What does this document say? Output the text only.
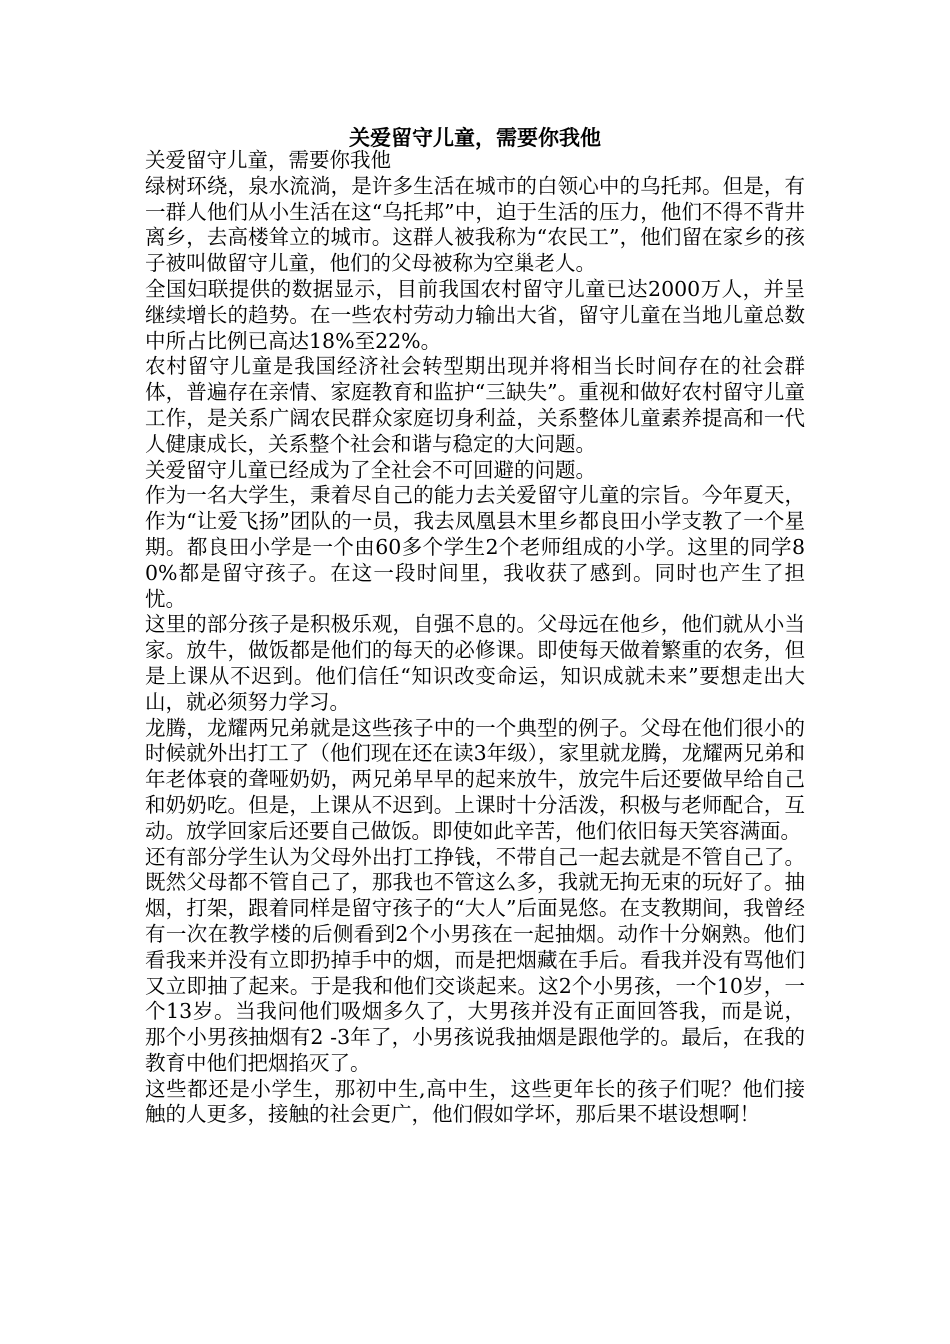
关爱留守儿童，需要你我他

关爱留守儿童，需要你我他

绿树环绕，泉水流淌，是许多生活在城市的白领心中的乌托邦。但是，有一群人他们从小生活在这“乌托邦”中，迫于生活的压力，他们不得不背井离乡，去高楼耸立的城市。这群人被我称为“农民工”，他们留在家乡的孩子被叫做留守儿童，他们的父母被称为空巢老人。

全国妇联提供的数据显示，目前我国农村留守儿童已达2000万人，并呈继续增长的趋势。在一些农村劳动力输出大省，留守儿童在当地儿童总数中所占比例已高达18%至22%。

农村留守儿童是我国经济社会转型期出现并将相当长时间存在的社会群体，普遍存在亲情、家庭教育和监护“三缺失”。重视和做好农村留守儿童工作，是关系广阔农民群众家庭切身利益，关系整体儿童素养提高和一代人健康成长，关系整个社会和谐与稳定的大问题。

关爱留守儿童已经成为了全社会不可回避的问题。

作为一名大学生，秉着尽自己的能力去关爱留守儿童的宗旨。今年夏天，作为“让爱飞扬”团队的一员，我去凤凰县木里乡都良田小学支教了一个星期。都良田小学是一个由60多个学生2个老师组成的小学。这里的同学80%都是留守孩子。在这一段时间里，我收获了感到。同时也产生了担忧。

这里的部分孩子是积极乐观，自强不息的。父母远在他乡，他们就从小当家。放牛，做饭都是他们的每天的必修课。即使每天做着繁重的农务，但是上课从不迟到。他们信任“知识改变命运，知识成就未来”要想走出大山，就必须努力学习。

龙腾，龙耀两兄弟就是这些孩子中的一个典型的例子。父母在他们很小的时候就外出打工了（他们现在还在读3年级），家里就龙腾，龙耀两兄弟和年老体衰的聋哑奶奶，两兄弟早早的起来放牛，放完牛后还要做早给自己和奶奶吃。但是，上课从不迟到。上课时十分活泼，积极与老师配合，互动。放学回家后还要自己做饭。即使如此辛苦，他们依旧每天笑容满面。

还有部分学生认为父母外出打工挣钱，不带自己一起去就是不管自己了。既然父母都不管自己了，那我也不管这么多，我就无拘无束的玩好了。抽烟，打架，跟着同样是留守孩子的“大人”后面晃悠。在支教期间，我曾经有一次在教学楼的后侧看到2个小男孩在一起抽烟。动作十分娴熟。他们看我来并没有立即扔掉手中的烟，而是把烟藏在手后。看我并没有骂他们又立即抽了起来。于是我和他们交谈起来。这2个小男孩，一个10岁，一个13岁。当我问他们吸烟多久了，大男孩并没有正面回答我，而是说，那个小男孩抽烟有2 -3年了，小男孩说我抽烟是跟他学的。最后，在我的教育中他们把烟掐灭了。

这些都还是小学生，那初中生,高中生，这些更年长的孩子们呢？他们接触的人更多，接触的社会更广，他们假如学坏，那后果不堪设想啊！
